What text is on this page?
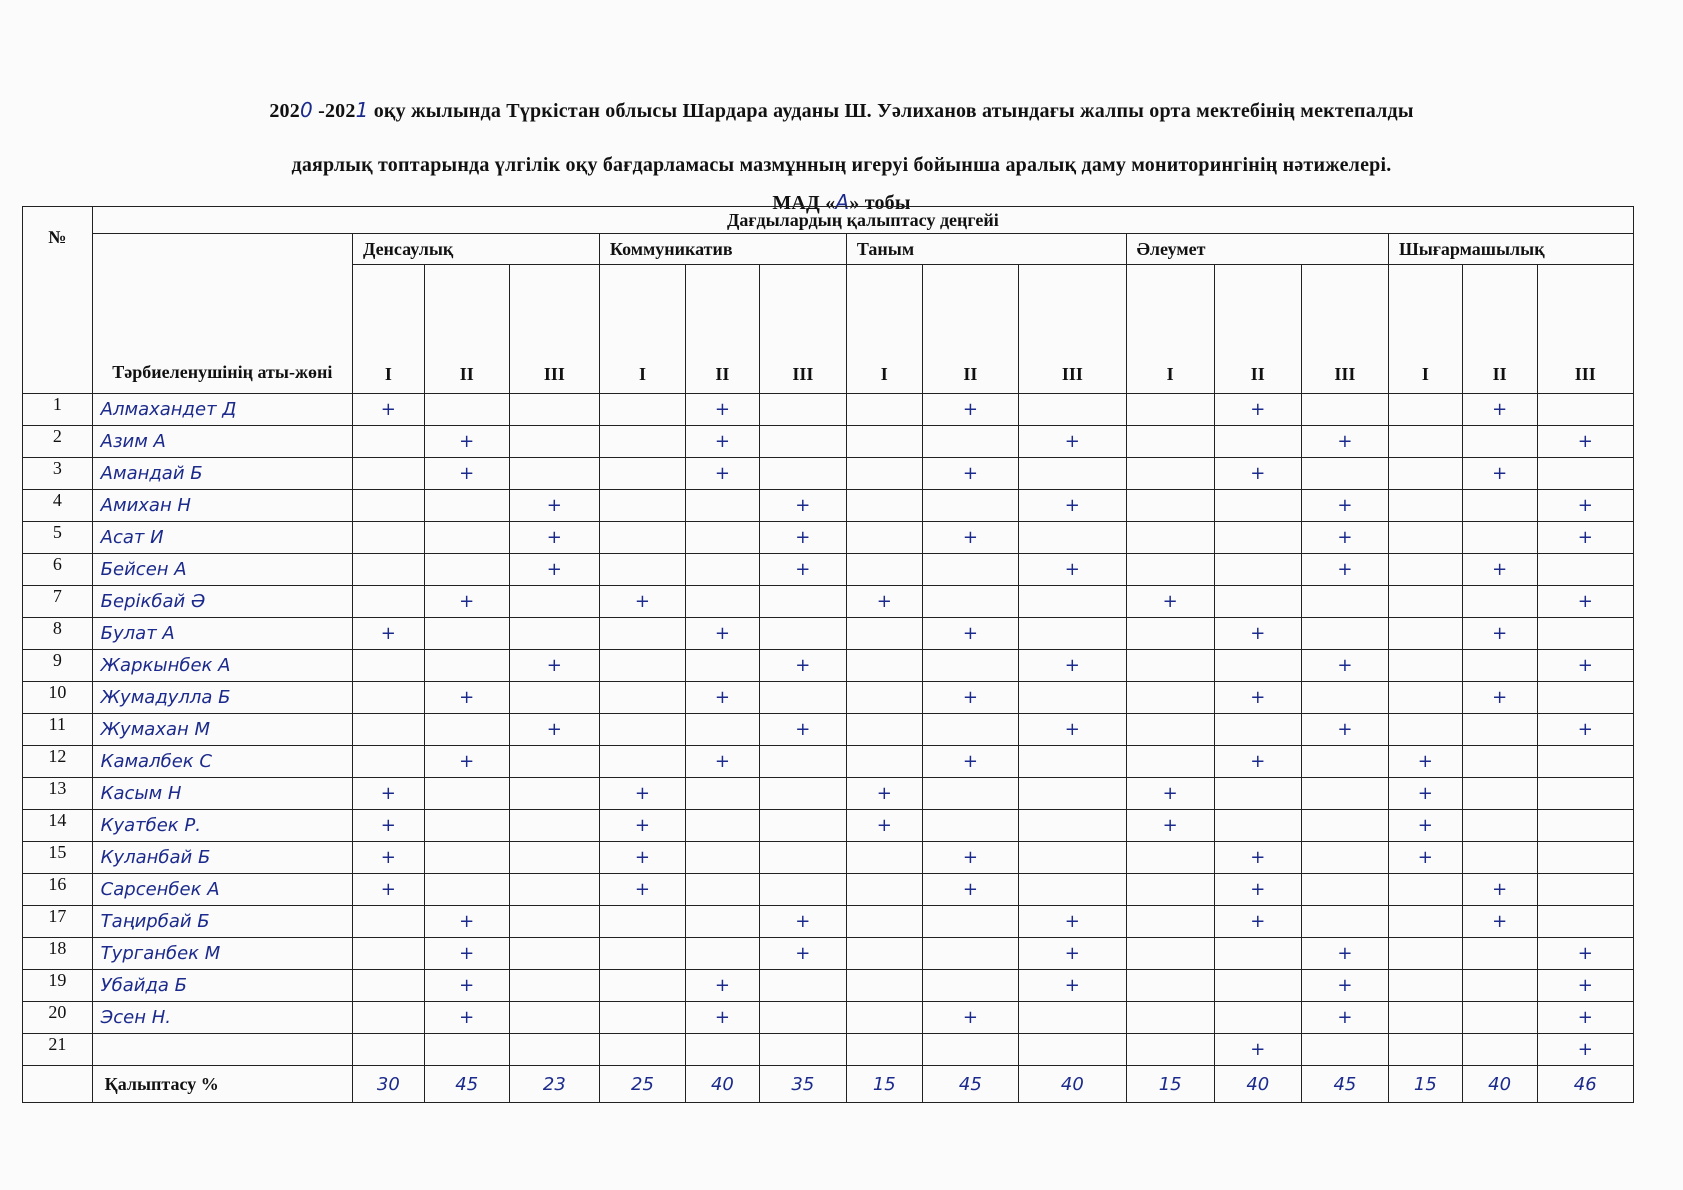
2020 -2021 оқу жылында Түркістан облысы Шардара ауданы Ш. Уәлиханов атындағы жалпы орта мектебінің мектепалды
даярлық топтарында үлгілік оқу бағдарламасы мазмұнның игеруі бойынша аралық даму мониторингінің нәтижелері.
МАД «А» тобы
№	Дағдылардың қалыптасу деңгейі															
	Тәрбиеленушінің аты-жөні	Денсаулық			Коммуникатив			Таным			Әлеумет			Шығармашылық		
		I	II	III	I	II	III	I	II	III	I	II	III	I	II	III
1	Алмахандет Д	+				+			+			+			+	
2	Азим А		+			+				+			+			+
3	Амандай Б		+			+			+			+			+	
4	Амихан Н			+			+			+			+			+
5	Асат И			+			+		+				+			+
6	Бейсен А			+			+			+			+		+	
7	Берікбай Ә		+		+			+			+					+
8	Булат А	+				+			+			+			+	
9	Жаркынбек А			+			+			+			+			+
10	Жумадулла Б		+			+			+			+			+	
11	Жумахан М			+			+			+			+			+
12	Камалбек С		+			+			+			+		+		
13	Касым Н	+			+			+			+			+		
14	Куатбек Р.	+			+			+			+			+		
15	Куланбай Б	+			+				+			+		+		
16	Сарсенбек А	+			+				+			+			+	
17	Таңирбай Б		+				+			+		+			+	
18	Турганбек М		+				+			+			+			+
19	Убайда Б		+			+				+			+			+
20	Эсен Н.		+			+			+				+			+
21												+				+
	Қалыптасу %	30	45	23	25	40	35	15	45	40	15	40	45	15	40	46
